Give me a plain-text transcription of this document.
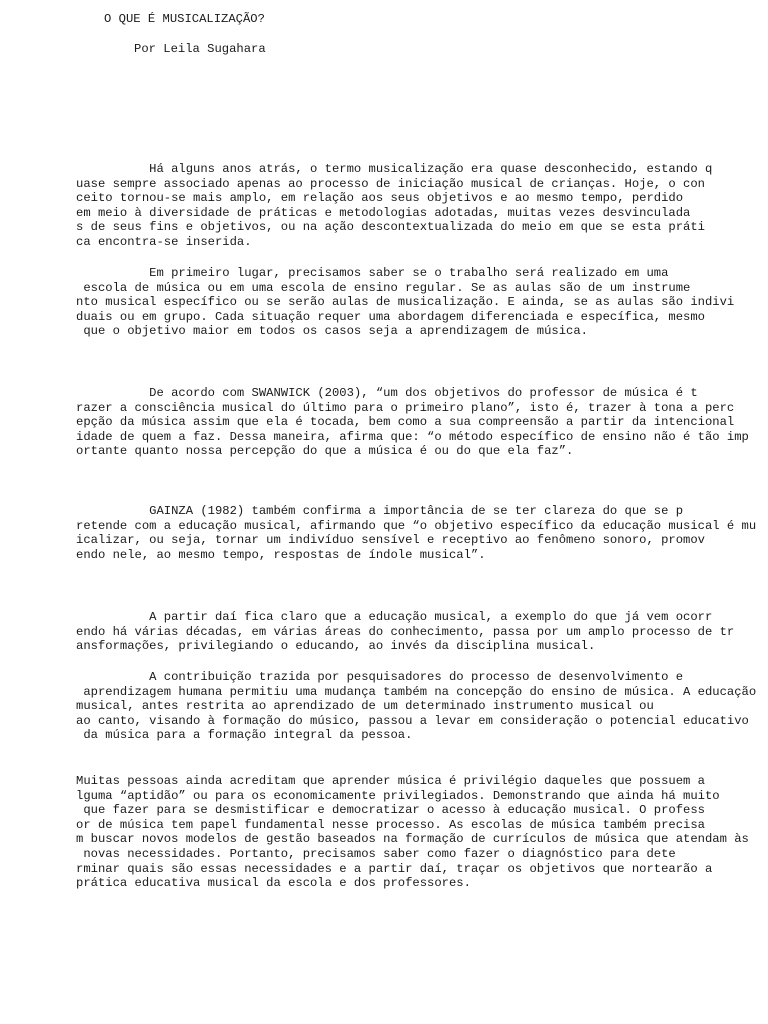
O QUE É MUSICALIZAÇÃO?
Por Leila Sugahara
Há alguns anos atrás, o termo musicalização era quase desconhecido, estando q
uase sempre associado apenas ao processo de iniciação musical de crianças. Hoje, o con
ceito tornou-se mais amplo, em relação aos seus objetivos e ao mesmo tempo, perdido
em meio à diversidade de práticas e metodologias adotadas, muitas vezes desvinculada
s de seus fins e objetivos, ou na ação descontextualizada do meio em que se esta práti
ca encontra-se inserida.
Em primeiro lugar, precisamos saber se o trabalho será realizado em uma
escola de música ou em uma escola de ensino regular. Se as aulas são de um instrume
nto musical específico ou se serão aulas de musicalização. E ainda, se as aulas são indivi
duais ou em grupo. Cada situação requer uma abordagem diferenciada e específica, mesmo
que o objetivo maior em todos os casos seja a aprendizagem de música.
De acordo com SWANWICK (2003), “um dos objetivos do professor de música é t
razer a consciência musical do último para o primeiro plano”, isto é, trazer à tona a perc
epção da música assim que ela é tocada, bem como a sua compreensão a partir da intencional
idade de quem a faz. Dessa maneira, afirma que: “o método específico de ensino não é tão imp
ortante quanto nossa percepção do que a música é ou do que ela faz”.
GAINZA (1982) também confirma a importância de se ter clareza do que se p
retende com a educação musical, afirmando que “o objetivo específico da educação musical é mu
icalizar, ou seja, tornar um indivíduo sensível e receptivo ao fenômeno sonoro, promov
endo nele, ao mesmo tempo, respostas de índole musical”.
A partir daí fica claro que a educação musical, a exemplo do que já vem ocorr
endo há várias décadas, em várias áreas do conhecimento, passa por um amplo processo de tr
ansformações, privilegiando o educando, ao invés da disciplina musical.
A contribuição trazida por pesquisadores do processo de desenvolvimento e
aprendizagem humana permitiu uma mudança também na concepção do ensino de música. A educação
musical, antes restrita ao aprendizado de um determinado instrumento musical ou
ao canto, visando à formação do músico, passou a levar em consideração o potencial educativo
da música para a formação integral da pessoa.
Muitas pessoas ainda acreditam que aprender música é privilégio daqueles que possuem a
lguma “aptidão” ou para os economicamente privilegiados. Demonstrando que ainda há muito
que fazer para se desmistificar e democratizar o acesso à educação musical. O profess
or de música tem papel fundamental nesse processo. As escolas de música também precisa
m buscar novos modelos de gestão baseados na formação de currículos de música que atendam às
novas necessidades. Portanto, precisamos saber como fazer o diagnóstico para dete
rminar quais são essas necessidades e a partir daí, traçar os objetivos que nortearão a
prática educativa musical da escola e dos professores.
